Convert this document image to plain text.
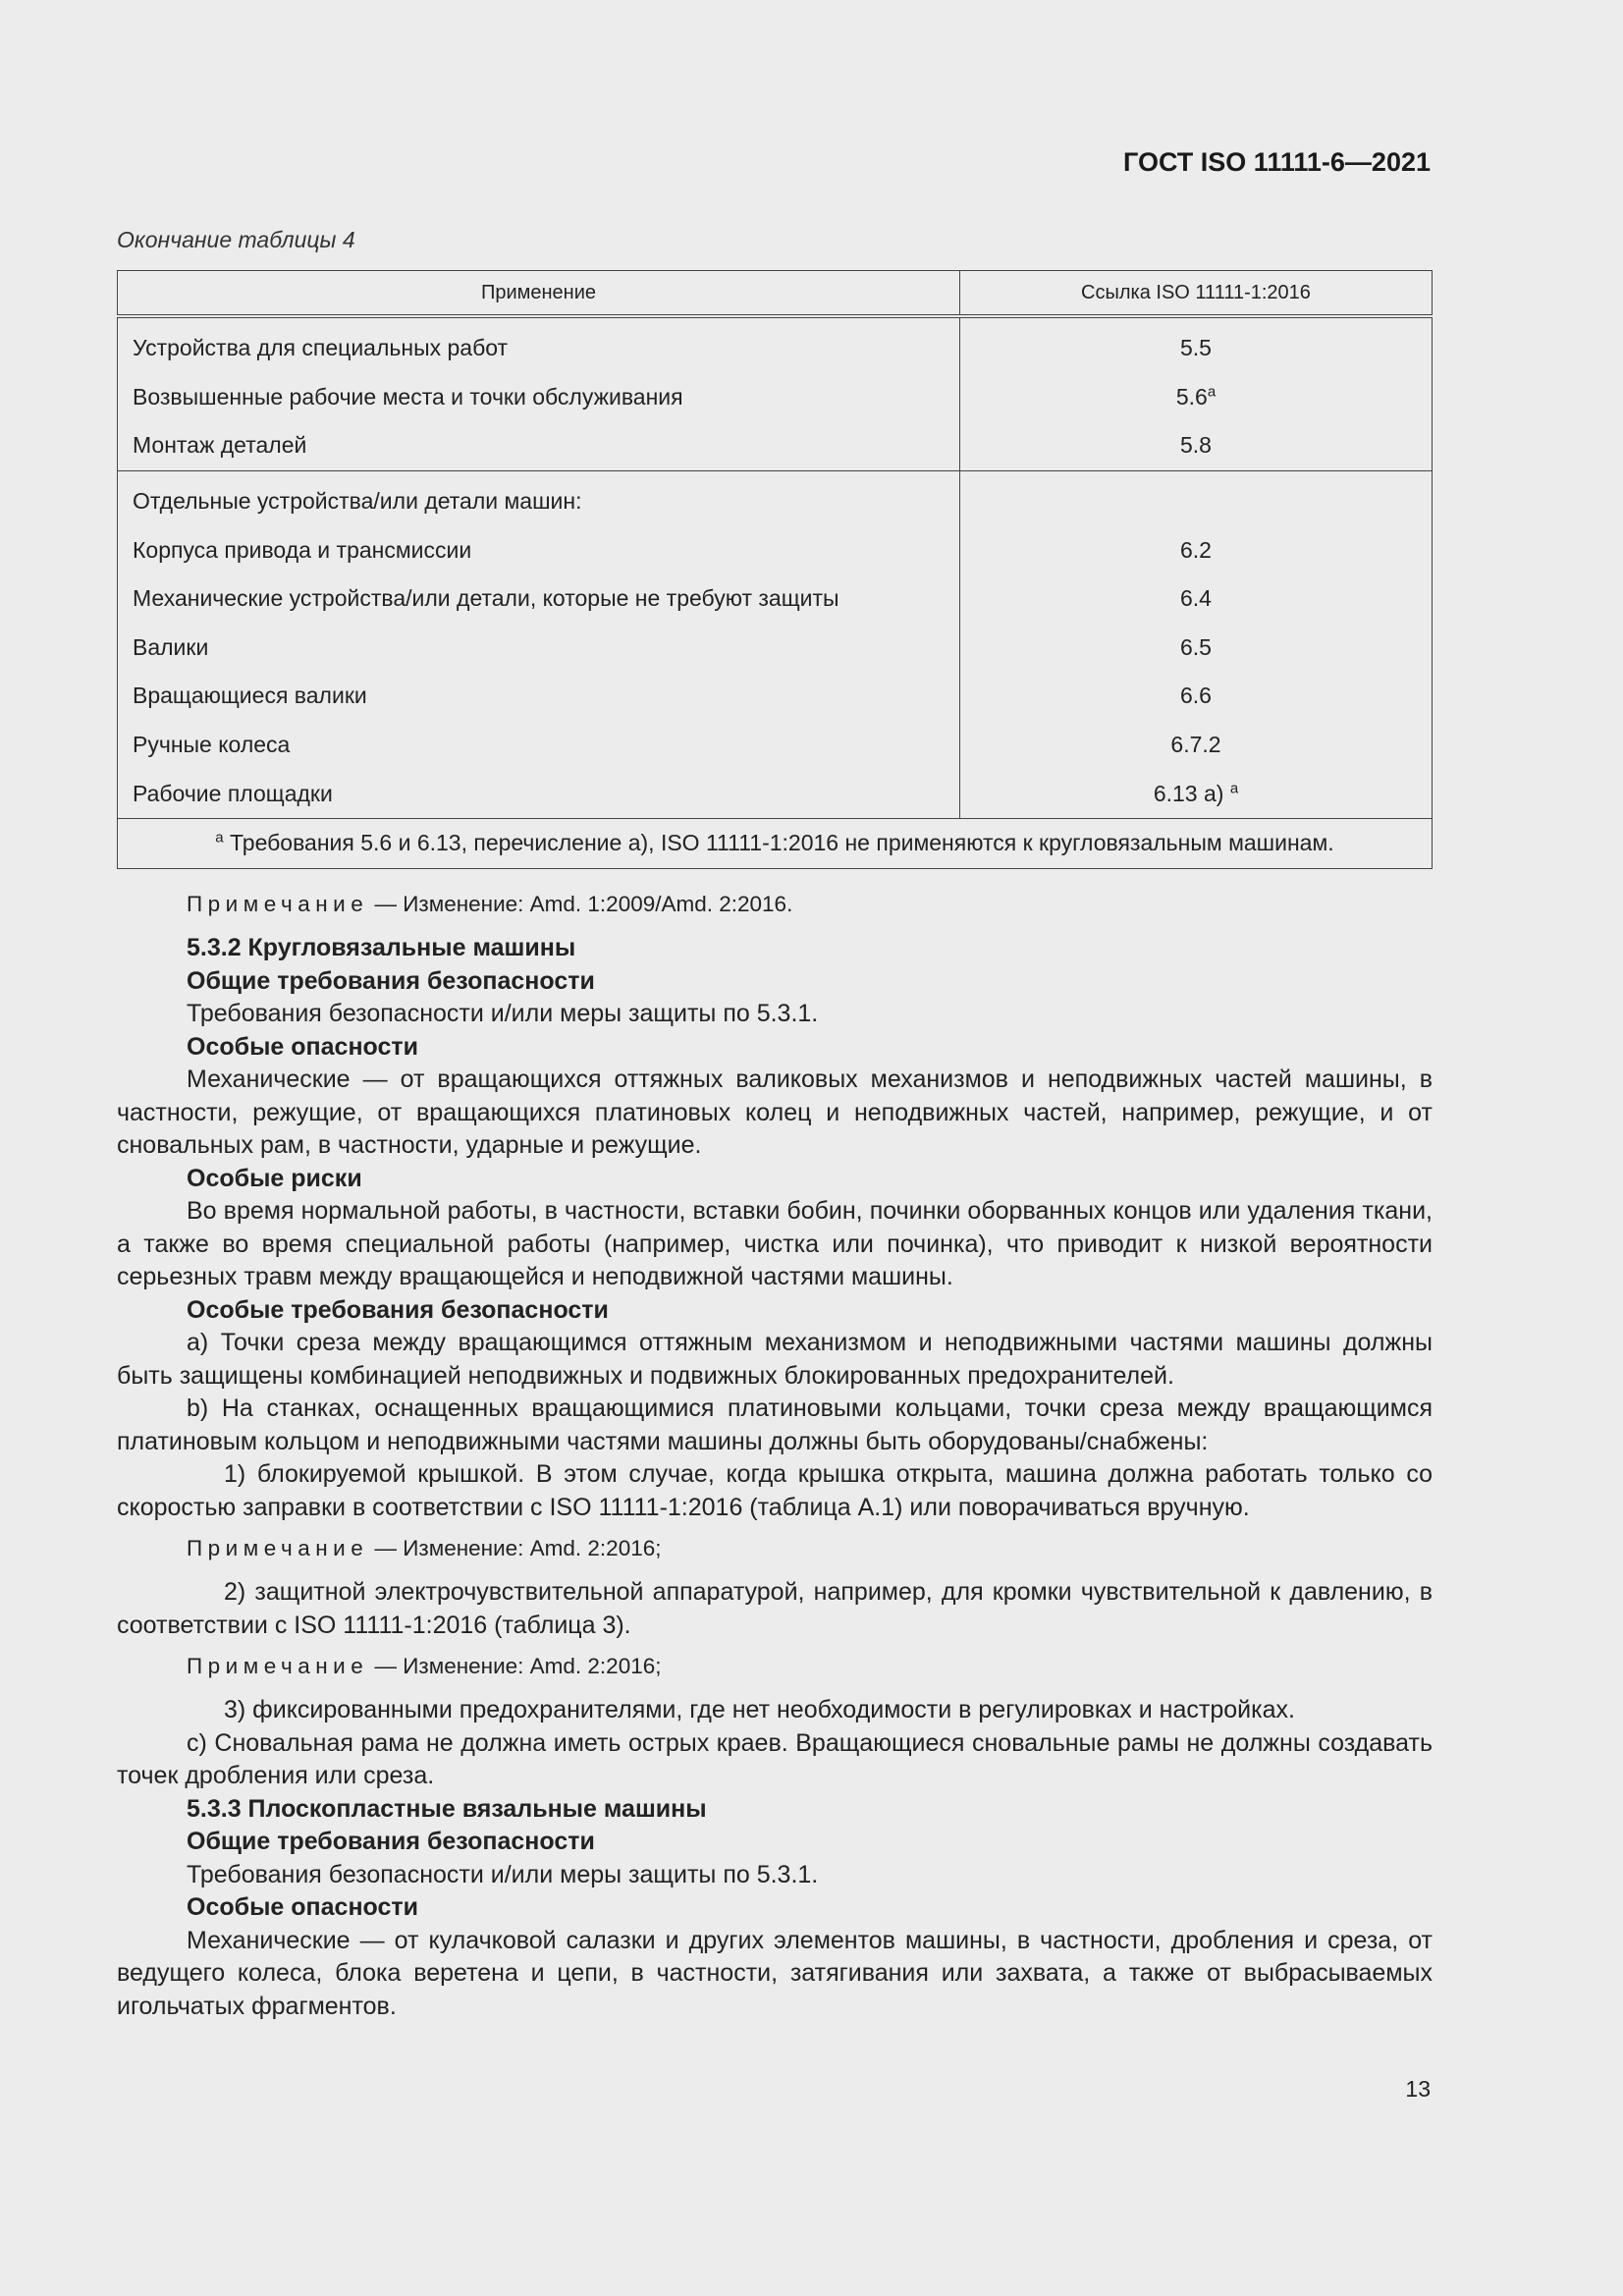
ГОСТ ISO 11111-6—2021
Окончание таблицы 4
Применение	Ссылка ISO 11111-1:2016
Устройства для специальных работ	5.5
Возвышенные рабочие места и точки обслуживания	$5.6^а$
Монтаж деталей	5.8
Отдельные устройства/или детали машин:	
Корпуса привода и трансмиссии	6.2
Механические устройства/или детали, которые не требуют защиты	6.4
Валики	6.5
Вращающиеся валики	6.6
Ручные колеса	6.7.2
Рабочие площадки	6.13 а) $^а$
$^а$ Требования 5.6 и 6.13, перечисление а), ISO 11111-1:2016 не применяются к кругловязальным машинам.	

Примечание — Изменение: Amd. 1:2009/Amd. 2:2016.

5.3.2 Кругловязальные машины

Общие требования безопасности

Требования безопасности и/или меры защиты по 5.3.1.

Особые опасности

Механические — от вращающихся оттяжных валиковых механизмов и неподвижных частей машины, в частности, режущие, от вращающихся платиновых колец и неподвижных частей, например, режущие, и от сновальных рам, в частности, ударные и режущие.

Особые риски

Во время нормальной работы, в частности, вставки бобин, починки оборванных концов или удаления ткани, а также во время специальной работы (например, чистка или починка), что приводит к низкой вероятности серьезных травм между вращающейся и неподвижной частями машины.

Особые требования безопасности

а) Точки среза между вращающимся оттяжным механизмом и неподвижными частями машины должны быть защищены комбинацией неподвижных и подвижных блокированных предохранителей.

b) На станках, оснащенных вращающимися платиновыми кольцами, точки среза между вращающимся платиновым кольцом и неподвижными частями машины должны быть оборудованы/снабжены:

1) блокируемой крышкой. В этом случае, когда крышка открыта, машина должна работать только со скоростью заправки в соответствии с ISO 11111-1:2016 (таблица А.1) или поворачиваться вручную.

Примечание — Изменение: Amd. 2:2016;

2) защитной электрочувствительной аппаратурой, например, для кромки чувствительной к давлению, в соответствии с ISO 11111-1:2016 (таблица 3).

Примечание — Изменение: Amd. 2:2016;

3) фиксированными предохранителями, где нет необходимости в регулировках и настройках.

с) Сновальная рама не должна иметь острых краев. Вращающиеся сновальные рамы не должны создавать точек дробления или среза.

5.3.3 Плоскопластные вязальные машины

Общие требования безопасности

Требования безопасности и/или меры защиты по 5.3.1.

Особые опасности

Механические — от кулачковой салазки и других элементов машины, в частности, дробления и среза, от ведущего колеса, блока веретена и цепи, в частности, затягивания или захвата, а также от выбрасываемых игольчатых фрагментов.

13
